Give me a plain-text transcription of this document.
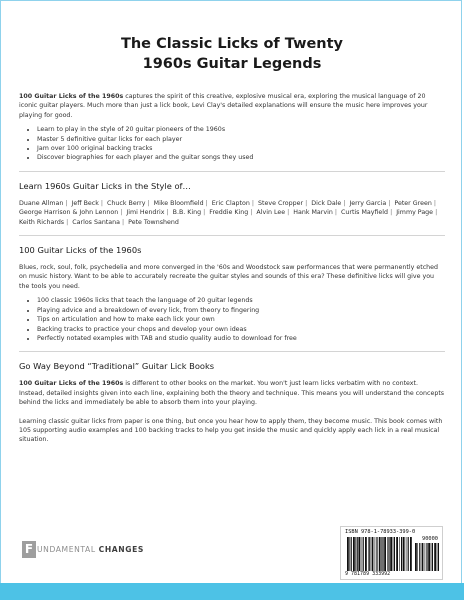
The Classic Licks of Twenty
1960s Guitar Legends

100 Guitar Licks of the 1960s captures the spirit of this creative, explosive musical era, exploring the musical language of 20 iconic guitar players. Much more than just a lick book, Levi Clay's detailed explanations will ensure the music here improves your playing for good.

• Learn to play in the style of 20 guitar pioneers of the 1960s
• Master 5 definitive guitar licks for each player
• Jam over 100 original backing tracks
• Discover biographies for each player and the guitar songs they used
Learn 1960s Guitar Licks in the Style of…

Duane Allman | Jeff Beck | Chuck Berry | Mike Bloomfield | Eric Clapton | Steve Cropper | Dick Dale | Jerry Garcia | Peter Green | George Harrison & John Lennon | Jimi Hendrix | B.B. King | Freddie King | Alvin Lee | Hank Marvin | Curtis Mayfield | Jimmy Page | Keith Richards | Carlos Santana | Pete Townshend

100 Guitar Licks of the 1960s

Blues, rock, soul, folk, psychedelia and more converged in the '60s and Woodstock saw performances that were permanently etched on music history. Want to be able to accurately recreate the guitar styles and sounds of this era? These definitive licks will give you the tools you need.

• 100 classic 1960s licks that teach the language of 20 guitar legends
• Playing advice and a breakdown of every lick, from theory to fingering
• Tips on articulation and how to make each lick your own
• Backing tracks to practice your chops and develop your own ideas
• Perfectly notated examples with TAB and studio quality audio to download for free
Go Way Beyond “Traditional” Guitar Lick Books

100 Guitar Licks of the 1960s is different to other books on the market. You won't just learn licks verbatim with no context. Instead, detailed insights given into each line, explaining both the theory and technique. This means you will understand the concepts behind the licks and immediately be able to absorb them into your playing.

Learning classic guitar licks from paper is one thing, but once you hear how to apply them, they become music. This book comes with 105 supporting audio examples and 100 backing tracks to help you get inside the music and quickly apply each lick in a real musical situation.

ISBN 978-1-78933-399-0
90000
9 781789 333992
F UNDAMENTAL CHANGES
